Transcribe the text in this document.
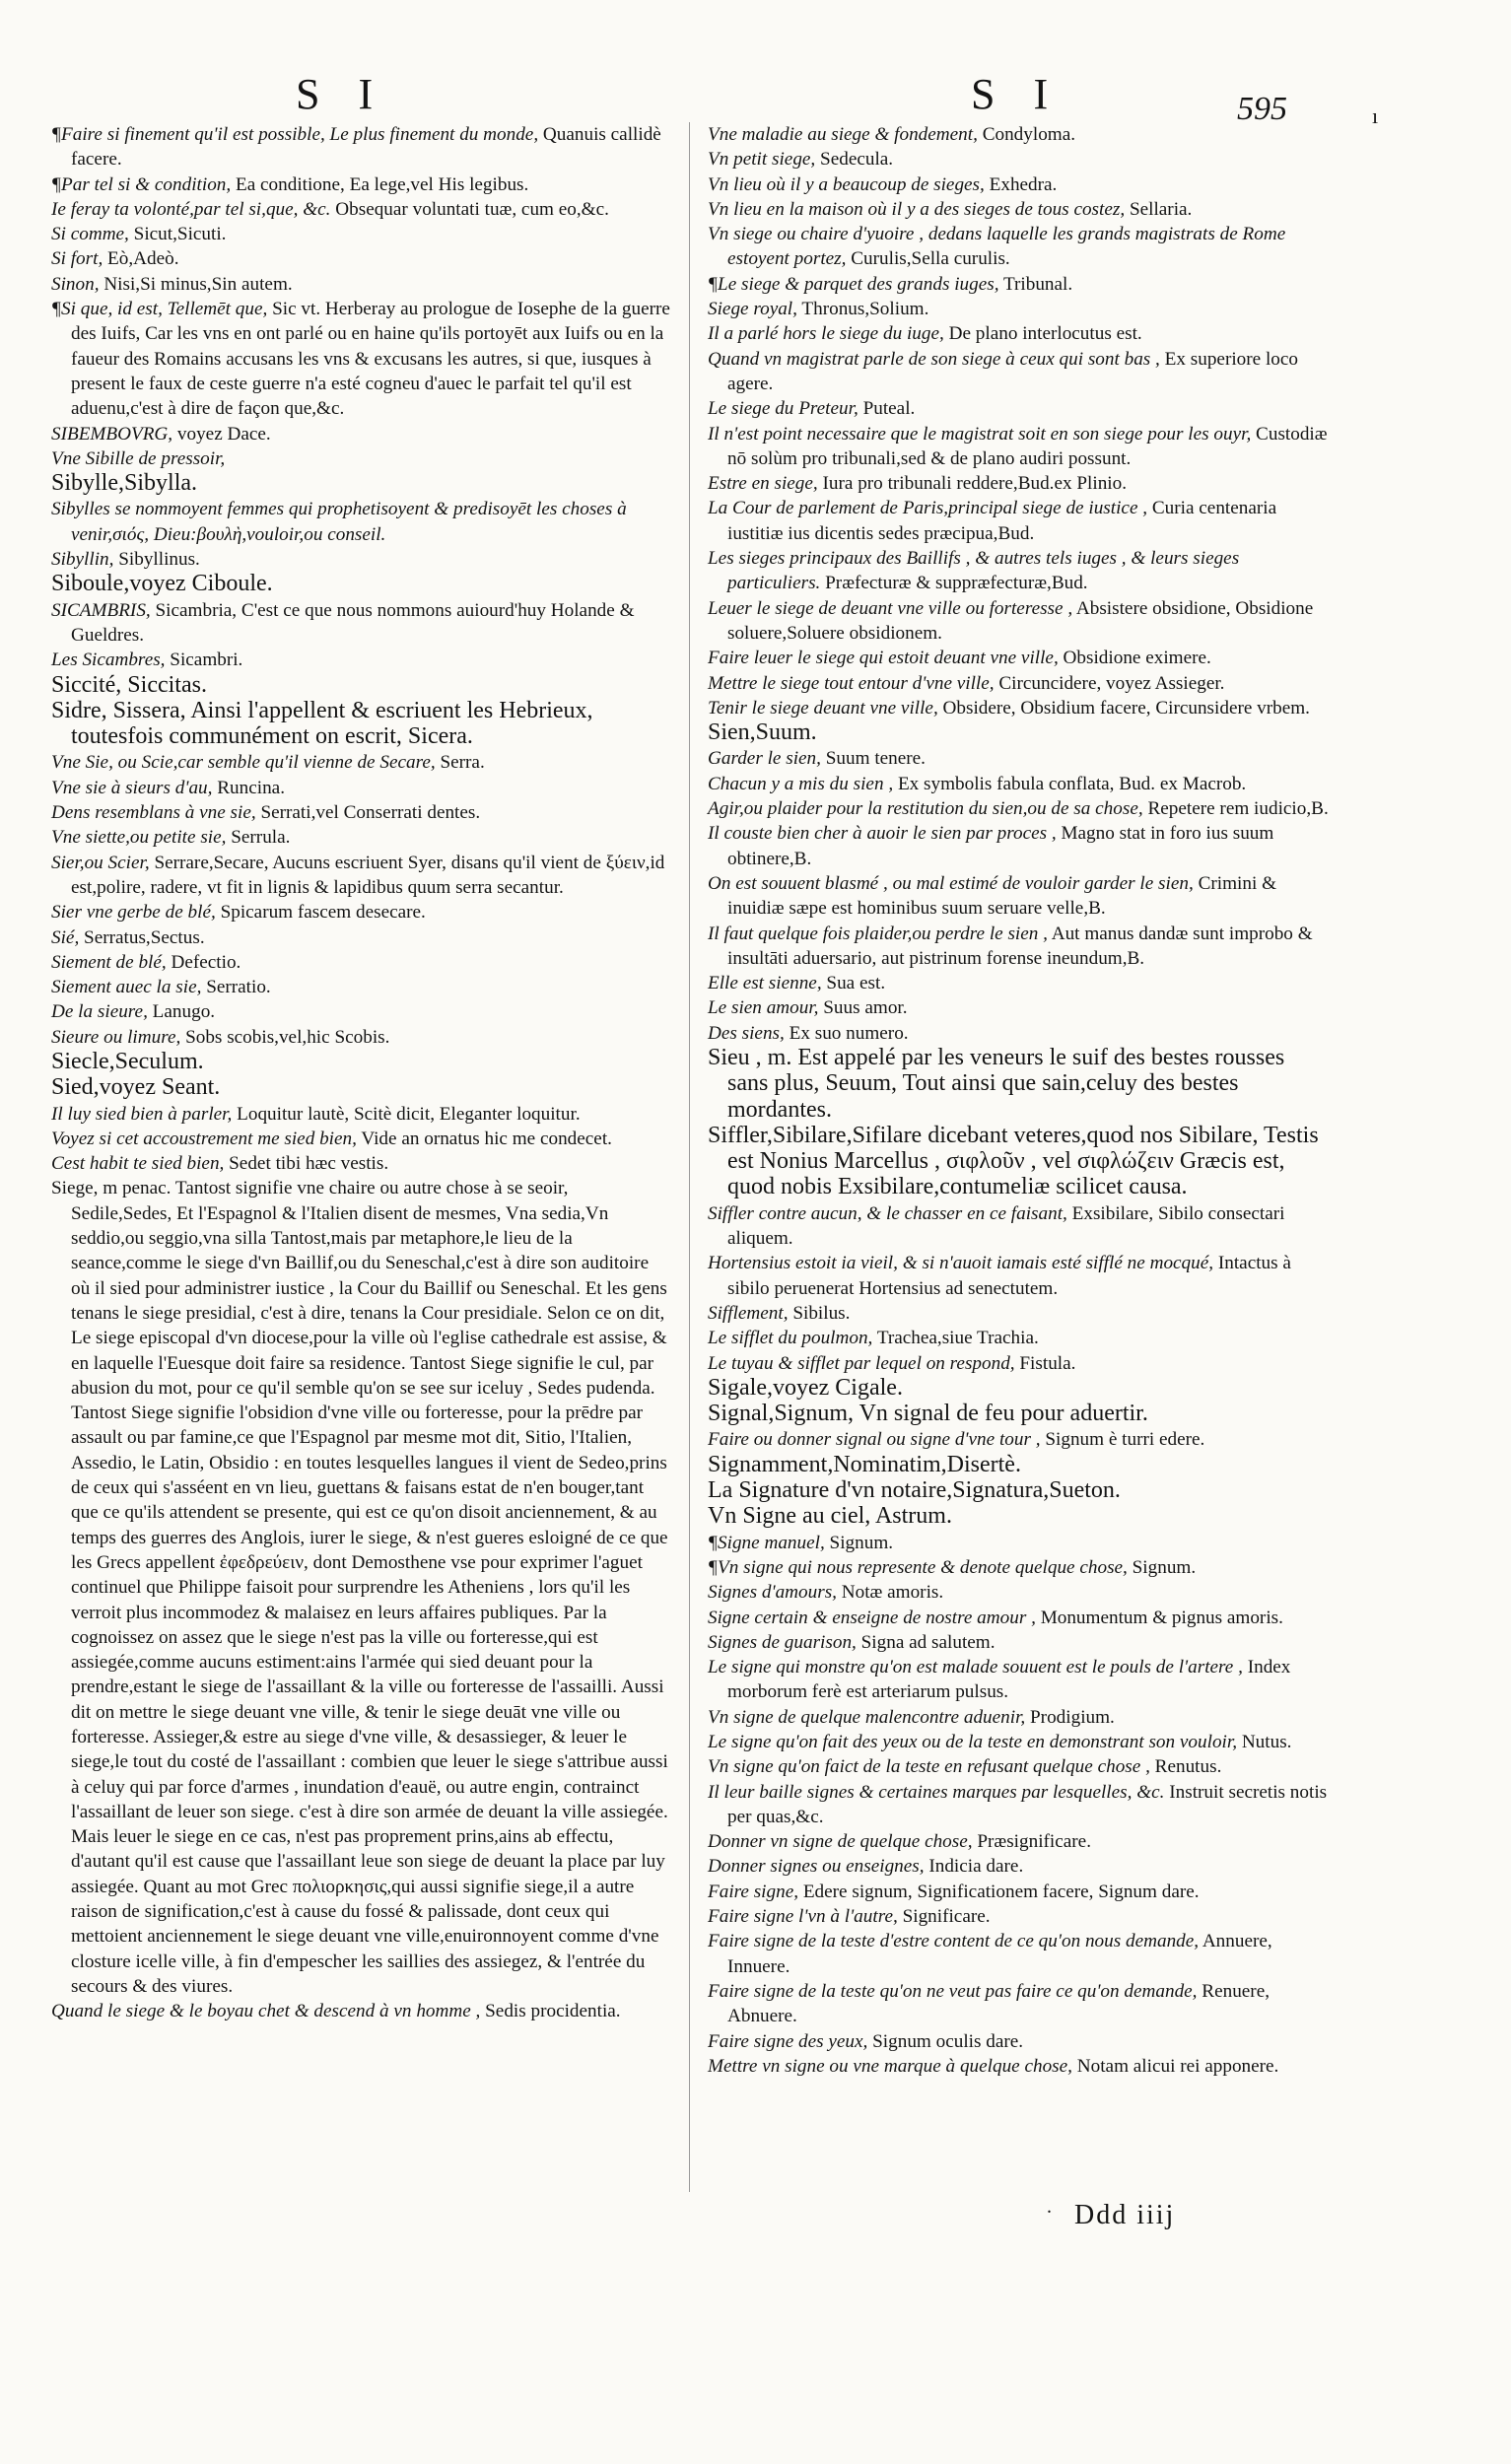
S I	S I	595	ı

¶Faire si finement qu'il est possible, Le plus finement du monde, Quanuis callidè facere.

¶Par tel si & condition, Ea conditione, Ea lege,vel His legibus.

Ie feray ta volonté,par tel si,que, &c. Obsequar voluntati tuæ, cum eo,&c.

Si comme, Sicut,Sicuti.

Si fort, Eò,Adeò.

Sinon, Nisi,Si minus,Sin autem.

¶Si que, id est, Tellemēt que, Sic vt. Herberay au prologue de Iosephe de la guerre des Iuifs, Car les vns en ont parlé ou en haine qu'ils portoyēt aux Iuifs ou en la faueur des Romains accusans les vns & excusans les autres, si que, iusques à present le faux de ceste guerre n'a esté cogneu d'auec le parfait tel qu'il est aduenu,c'est à dire de façon que,&c.

SIBEMBOVRG, voyez Dace.

Vne Sibille de pressoir,

Sibylle,Sibylla.

Sibylles se nommoyent femmes qui prophetisoyent & predisoyēt les choses à venir,σιός, Dieu:βουλὴ,vouloir,ou conseil.

Sibyllin, Sibyllinus.

Siboule,voyez Ciboule.

SICAMBRIS, Sicambria, C'est ce que nous nommons auiourd'huy Holande & Gueldres.

Les Sicambres, Sicambri.

Siccité, Siccitas.

Sidre, Sissera, Ainsi l'appellent & escriuent les Hebrieux, toutesfois communément on escrit, Sicera.

Vne Sie, ou Scie,car semble qu'il vienne de Secare, Serra.

Vne sie à sieurs d'au, Runcina.

Dens resemblans à vne sie, Serrati,vel Conserrati dentes.

Vne siette,ou petite sie, Serrula.

Sier,ou Scier, Serrare,Secare, Aucuns escriuent Syer, disans qu'il vient de ξύειν,id est,polire, radere, vt fit in lignis & lapidibus quum serra secantur.

Sier vne gerbe de blé, Spicarum fascem desecare.

Sié, Serratus,Sectus.

Siement de blé, Defectio.

Siement auec la sie, Serratio.

De la sieure, Lanugo.

Sieure ou limure, Sobs scobis,vel,hic Scobis.

Siecle,Seculum.

Sied,voyez Seant.

Il luy sied bien à parler, Loquitur lautè, Scitè dicit, Eleganter loquitur.

Voyez si cet accoustrement me sied bien, Vide an ornatus hic me condecet.

Cest habit te sied bien, Sedet tibi hæc vestis.

Siege, m penac. Tantost signifie vne chaire ou autre chose à se seoir, Sedile,Sedes, Et l'Espagnol & l'Italien disent de mesmes, Vna sedia,Vn seddio,ou seggio,vna silla Tantost,mais par metaphore,le lieu de la seance,comme le siege d'vn Baillif,ou du Seneschal,c'est à dire son auditoire où il sied pour administrer iustice , la Cour du Baillif ou Seneschal. Et les gens tenans le siege presidial, c'est à dire, tenans la Cour presidiale. Selon ce on dit, Le siege episcopal d'vn diocese,pour la ville où l'eglise cathedrale est assise, & en laquelle l'Euesque doit faire sa residence. Tantost Siege signifie le cul, par abusion du mot, pour ce qu'il semble qu'on se see sur iceluy , Sedes pudenda. Tantost Siege signifie l'obsidion d'vne ville ou forteresse, pour la prēdre par assault ou par famine,ce que l'Espagnol par mesme mot dit, Sitio, l'Italien, Assedio, le Latin, Obsidio : en toutes lesquelles langues il vient de Sedeo,prins de ceux qui s'asséent en vn lieu, guettans & faisans estat de n'en bouger,tant que ce qu'ils attendent se presente, qui est ce qu'on disoit anciennement, & au temps des guerres des Anglois, iurer le siege, & n'est gueres esloigné de ce que les Grecs appellent ἐφεδρεύειν, dont Demosthene vse pour exprimer l'aguet continuel que Philippe faisoit pour surprendre les Atheniens , lors qu'il les verroit plus incommodez & malaisez en leurs affaires publiques. Par la cognoissez on assez que le siege n'est pas la ville ou forteresse,qui est assiegée,comme aucuns estiment:ains l'armée qui sied deuant pour la prendre,estant le siege de l'assaillant & la ville ou forteresse de l'assailli. Aussi dit on mettre le siege deuant vne ville, & tenir le siege deuāt vne ville ou forteresse. Assieger,& estre au siege d'vne ville, & desassieger, & leuer le siege,le tout du costé de l'assaillant : combien que leuer le siege s'attribue aussi à celuy qui par force d'armes , inundation d'eauë, ou autre engin, contrainct l'assaillant de leuer son siege. c'est à dire son armée de deuant la ville assiegée. Mais leuer le siege en ce cas, n'est pas proprement prins,ains ab effectu, d'autant qu'il est cause que l'assaillant leue son siege de deuant la place par luy assiegée. Quant au mot Grec πολιορκησις,qui aussi signifie siege,il a autre raison de signification,c'est à cause du fossé & palissade, dont ceux qui mettoient anciennement le siege deuant vne ville,enuironnoyent comme d'vne closture icelle ville, à fin d'empescher les saillies des assiegez, & l'entrée du secours & des viures.

Quand le siege & le boyau chet & descend à vn homme , Sedis procidentia.

Vne maladie au siege & fondement, Condyloma.

Vn petit siege, Sedecula.

Vn lieu où il y a beaucoup de sieges, Exhedra.

Vn lieu en la maison où il y a des sieges de tous costez, Sellaria.

Vn siege ou chaire d'yuoire , dedans laquelle les grands magistrats de Rome estoyent portez, Curulis,Sella curulis.

¶Le siege & parquet des grands iuges, Tribunal.

Siege royal, Thronus,Solium.

Il a parlé hors le siege du iuge, De plano interlocutus est.

Quand vn magistrat parle de son siege à ceux qui sont bas , Ex superiore loco agere.

Le siege du Preteur, Puteal.

Il n'est point necessaire que le magistrat soit en son siege pour les ouyr, Custodiæ nō solùm pro tribunali,sed & de plano audiri possunt.

Estre en siege, Iura pro tribunali reddere,Bud.ex Plinio.

La Cour de parlement de Paris,principal siege de iustice , Curia centenaria iustitiæ ius dicentis sedes præcipua,Bud.

Les sieges principaux des Baillifs , & autres tels iuges , & leurs sieges particuliers. Præfecturæ & suppræfecturæ,Bud.

Leuer le siege de deuant vne ville ou forteresse , Absistere obsidione, Obsidione soluere,Soluere obsidionem.

Faire leuer le siege qui estoit deuant vne ville, Obsidione eximere.

Mettre le siege tout entour d'vne ville, Circuncidere, voyez Assieger.

Tenir le siege deuant vne ville, Obsidere, Obsidium facere, Circunsidere vrbem.

Sien,Suum.

Garder le sien, Suum tenere.

Chacun y a mis du sien , Ex symbolis fabula conflata, Bud. ex Macrob.

Agir,ou plaider pour la restitution du sien,ou de sa chose, Repetere rem iudicio,B.

Il couste bien cher à auoir le sien par proces , Magno stat in foro ius suum obtinere,B.

On est souuent blasmé , ou mal estimé de vouloir garder le sien, Crimini & inuidiæ sæpe est hominibus suum seruare velle,B.

Il faut quelque fois plaider,ou perdre le sien , Aut manus dandæ sunt improbo & insultāti aduersario, aut pistrinum forense ineundum,B.

Elle est sienne, Sua est.

Le sien amour, Suus amor.

Des siens, Ex suo numero.

Sieu , m. Est appelé par les veneurs le suif des bestes rousses sans plus, Seuum, Tout ainsi que sain,celuy des bestes mordantes.

Siffler,Sibilare,Sifilare dicebant veteres,quod nos Sibilare, Testis est Nonius Marcellus , σιφλοῦν , vel σιφλώζειν Græcis est, quod nobis Exsibilare,contumeliæ scilicet causa.

Siffler contre aucun, & le chasser en ce faisant, Exsibilare, Sibilo consectari aliquem.

Hortensius estoit ia vieil, & si n'auoit iamais esté sifflé ne mocqué, Intactus à sibilo peruenerat Hortensius ad senectutem.

Sifflement, Sibilus.

Le sifflet du poulmon, Trachea,siue Trachia.

Le tuyau & sifflet par lequel on respond, Fistula.

Sigale,voyez Cigale.

Signal,Signum, Vn signal de feu pour aduertir.

Faire ou donner signal ou signe d'vne tour , Signum è turri edere.

Signamment,Nominatim,Disertè.

La Signature d'vn notaire,Signatura,Sueton.

Vn Signe au ciel, Astrum.

¶Signe manuel, Signum.

¶Vn signe qui nous represente & denote quelque chose, Signum.

Signes d'amours, Notæ amoris.

Signe certain & enseigne de nostre amour , Monumentum & pignus amoris.

Signes de guarison, Signa ad salutem.

Le signe qui monstre qu'on est malade souuent est le pouls de l'artere , Index morborum ferè est arteriarum pulsus.

Vn signe de quelque malencontre aduenir, Prodigium.

Le signe qu'on fait des yeux ou de la teste en demonstrant son vouloir, Nutus.

Vn signe qu'on faict de la teste en refusant quelque chose , Renutus.

Il leur baille signes & certaines marques par lesquelles, &c. Instruit secretis notis per quas,&c.

Donner vn signe de quelque chose, Præsignificare.

Donner signes ou enseignes, Indicia dare.

Faire signe, Edere signum, Significationem facere, Signum dare.

Faire signe l'vn à l'autre, Significare.

Faire signe de la teste d'estre content de ce qu'on nous demande, Annuere, Innuere.

Faire signe de la teste qu'on ne veut pas faire ce qu'on demande, Renuere, Abnuere.

Faire signe des yeux, Signum oculis dare.

Mettre vn signe ou vne marque à quelque chose, Notam alicui rei apponere.

. Ddd iiij
